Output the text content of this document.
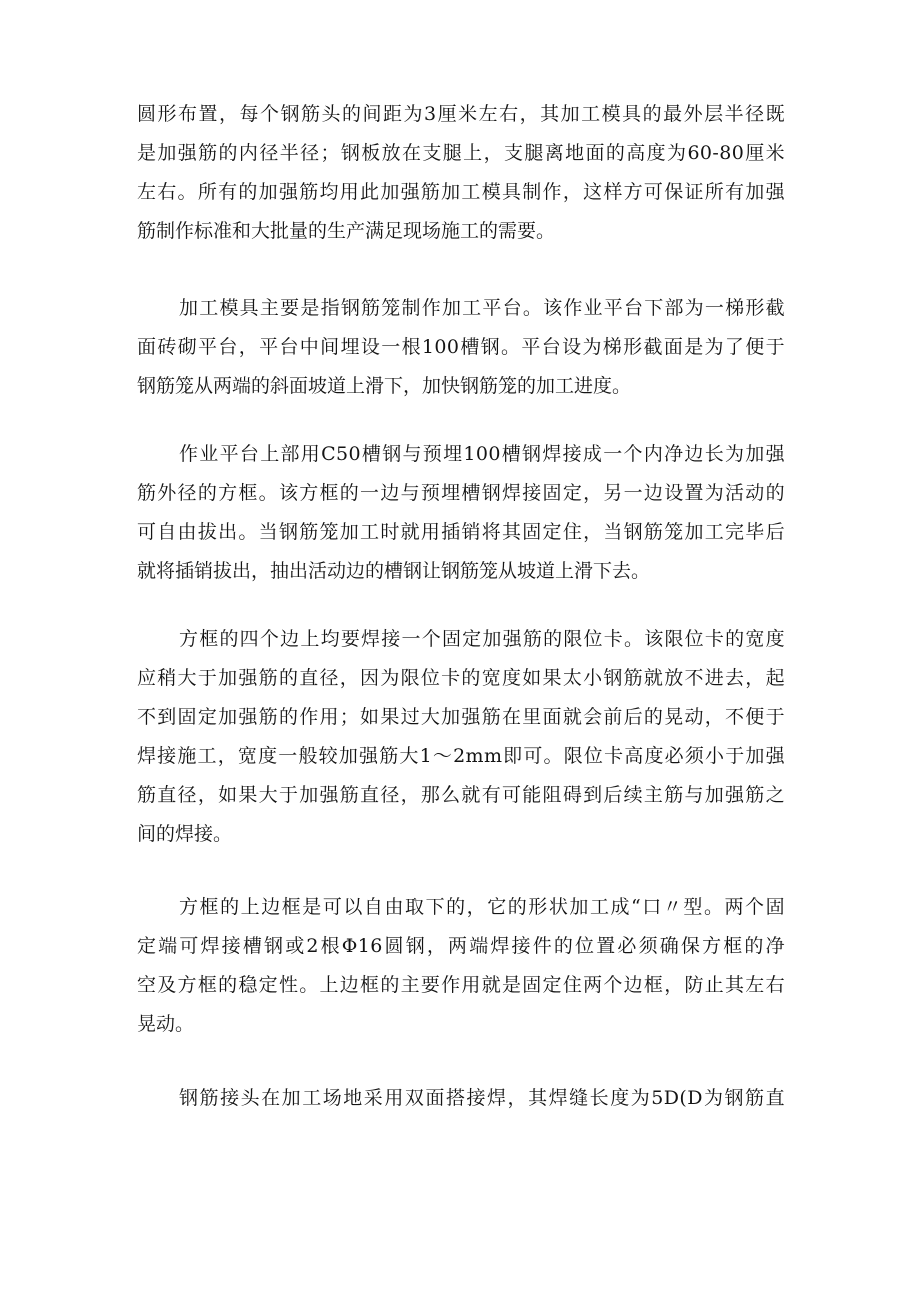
圆形布置，每个钢筋头的间距为3厘米左右，其加工模具的最外层半径既
是加强筋的内径半径；钢板放在支腿上，支腿离地面的高度为60-80厘米
左右。所有的加强筋均用此加强筋加工模具制作，这样方可保证所有加强
筋制作标准和大批量的生产满足现场施工的需要。
加工模具主要是指钢筋笼制作加工平台。该作业平台下部为一梯形截
面砖砌平台，平台中间埋设一根100槽钢。平台设为梯形截面是为了便于
钢筋笼从两端的斜面坡道上滑下，加快钢筋笼的加工进度。
作业平台上部用C50槽钢与预埋100槽钢焊接成一个内净边长为加强
筋外径的方框。该方框的一边与预埋槽钢焊接固定，另一边设置为活动的
可自由拔出。当钢筋笼加工时就用插销将其固定住，当钢筋笼加工完毕后
就将插销拔出，抽出活动边的槽钢让钢筋笼从坡道上滑下去。
方框的四个边上均要焊接一个固定加强筋的限位卡。该限位卡的宽度
应稍大于加强筋的直径，因为限位卡的宽度如果太小钢筋就放不进去，起
不到固定加强筋的作用；如果过大加强筋在里面就会前后的晃动，不便于
焊接施工，宽度一般较加强筋大1～2mm即可。限位卡高度必须小于加强
筋直径，如果大于加强筋直径，那么就有可能阻碍到后续主筋与加强筋之
间的焊接。
方框的上边框是可以自由取下的，它的形状加工成“口〃型。两个固
定端可焊接槽钢或2根Φ16圆钢，两端焊接件的位置必须确保方框的净
空及方框的稳定性。上边框的主要作用就是固定住两个边框，防止其左右
晃动。
钢筋接头在加工场地采用双面搭接焊，其焊缝长度为5D(D为钢筋直
